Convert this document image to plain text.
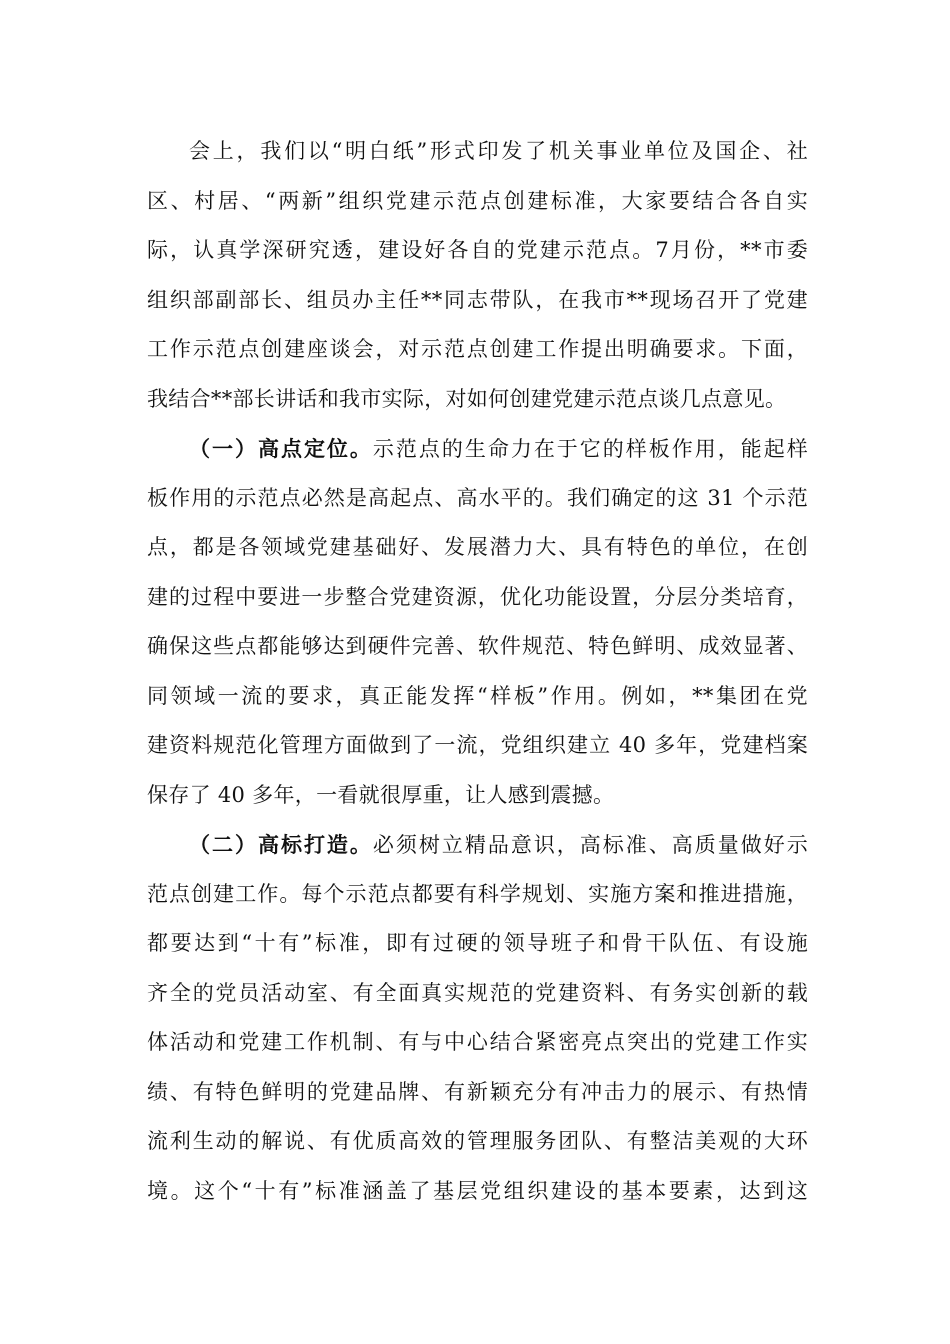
会上，我们以“明白纸”形式印发了机关事业单位及国企、社
区、村居、“两新”组织党建示范点创建标准，大家要结合各自实
际，认真学深研究透，建设好各自的党建示范点。7月份，**市委
组织部副部长、组员办主任**同志带队，在我市**现场召开了党建
工作示范点创建座谈会，对示范点创建工作提出明确要求。下面，
我结合**部长讲话和我市实际，对如何创建党建示范点谈几点意见。
（一）高点定位。示范点的生命力在于它的样板作用，能起样
板作用的示范点必然是高起点、高水平的。我们确定的这 31 个示范
点，都是各领域党建基础好、发展潜力大、具有特色的单位，在创
建的过程中要进一步整合党建资源，优化功能设置，分层分类培育，
确保这些点都能够达到硬件完善、软件规范、特色鲜明、成效显著、
同领域一流的要求，真正能发挥“样板”作用。例如，**集团在党
建资料规范化管理方面做到了一流，党组织建立 40 多年，党建档案
保存了 40 多年，一看就很厚重，让人感到震撼。
（二）高标打造。必须树立精品意识，高标准、高质量做好示
范点创建工作。每个示范点都要有科学规划、实施方案和推进措施，
都要达到“十有”标准，即有过硬的领导班子和骨干队伍、有设施
齐全的党员活动室、有全面真实规范的党建资料、有务实创新的载
体活动和党建工作机制、有与中心结合紧密亮点突出的党建工作实
绩、有特色鲜明的党建品牌、有新颖充分有冲击力的展示、有热情
流利生动的解说、有优质高效的管理服务团队、有整洁美观的大环
境。这个“十有”标准涵盖了基层党组织建设的基本要素，达到这
